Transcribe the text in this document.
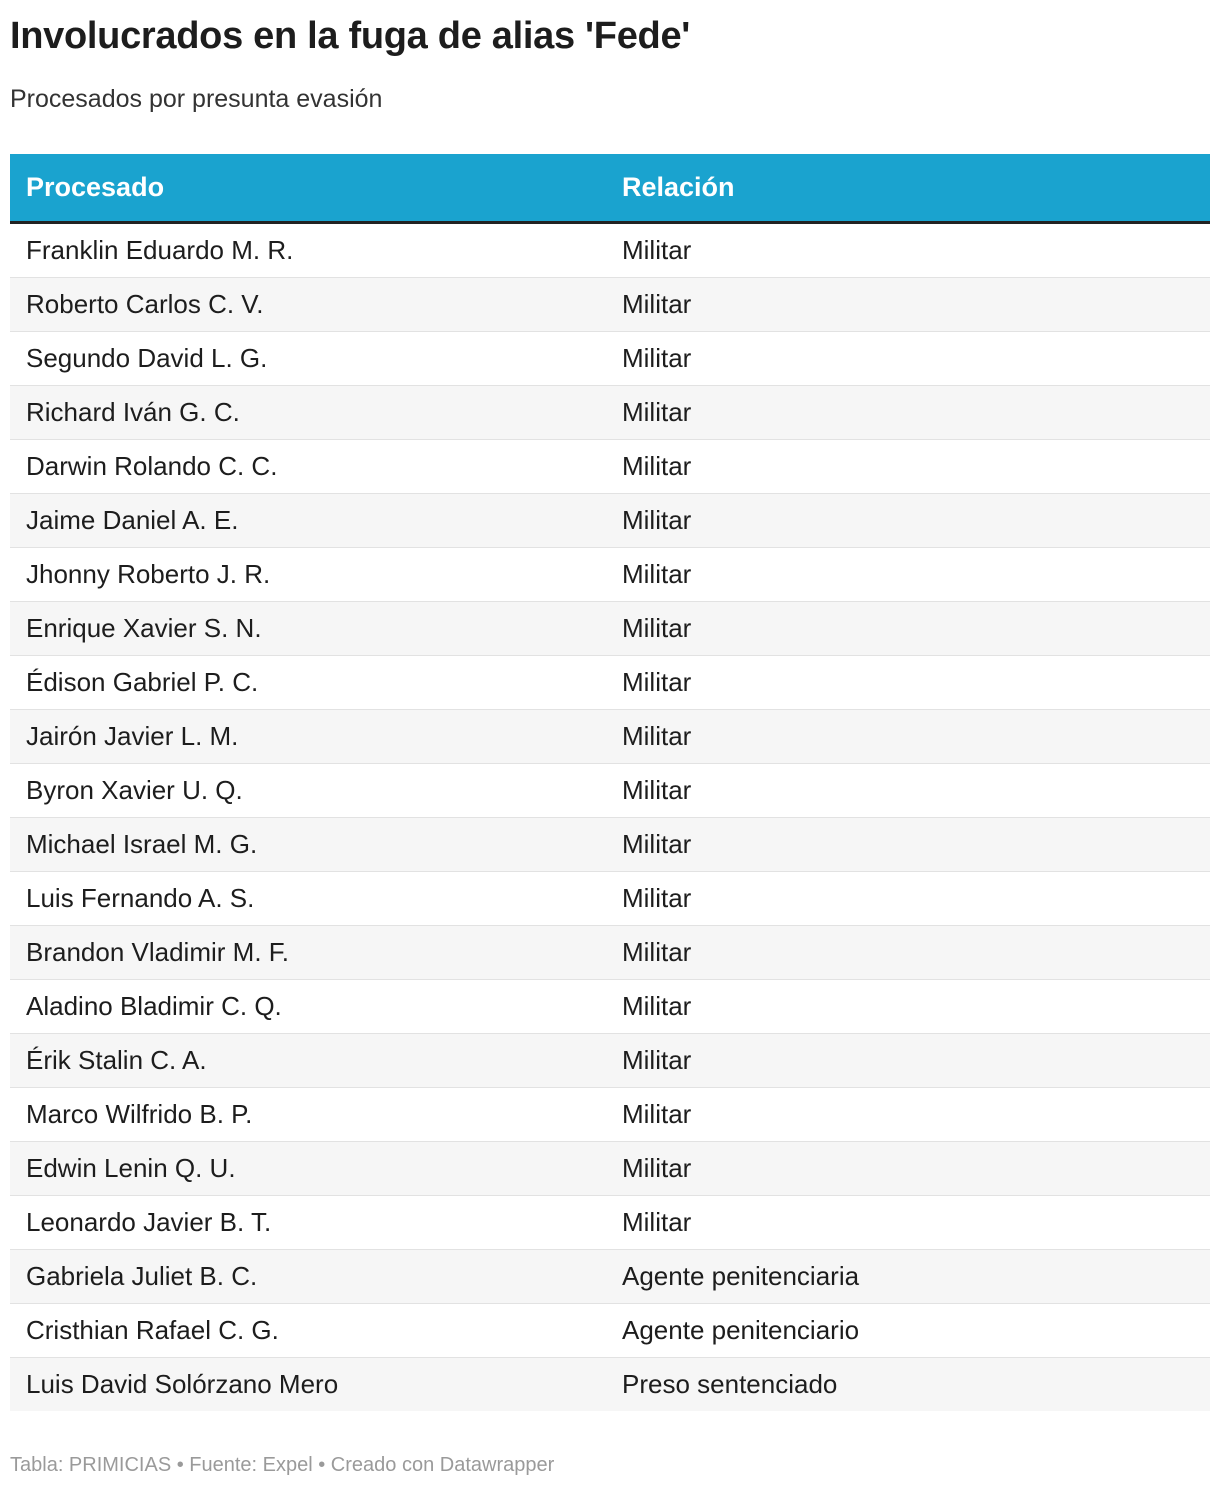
Involucrados en la fuga de alias 'Fede'

Procesados por presunta evasión

Procesado	Relación
Franklin Eduardo M. R.	Militar
Roberto Carlos C. V.	Militar
Segundo David L. G.	Militar
Richard Iván G. C.	Militar
Darwin Rolando C. C.	Militar
Jaime Daniel A. E.	Militar
Jhonny Roberto J. R.	Militar
Enrique Xavier S. N.	Militar
Édison Gabriel P. C.	Militar
Jairón Javier L. M.	Militar
Byron Xavier U. Q.	Militar
Michael Israel M. G.	Militar
Luis Fernando A. S.	Militar
Brandon Vladimir M. F.	Militar
Aladino Bladimir C. Q.	Militar
Érik Stalin C. A.	Militar
Marco Wilfrido B. P.	Militar
Edwin Lenin Q. U.	Militar
Leonardo Javier B. T.	Militar
Gabriela Juliet B. C.	Agente penitenciaria
Cristhian Rafael C. G.	Agente penitenciario
Luis David Solórzano Mero	Preso sentenciado
Tabla: PRIMICIAS • Fuente: Expel • Creado con Datawrapper
